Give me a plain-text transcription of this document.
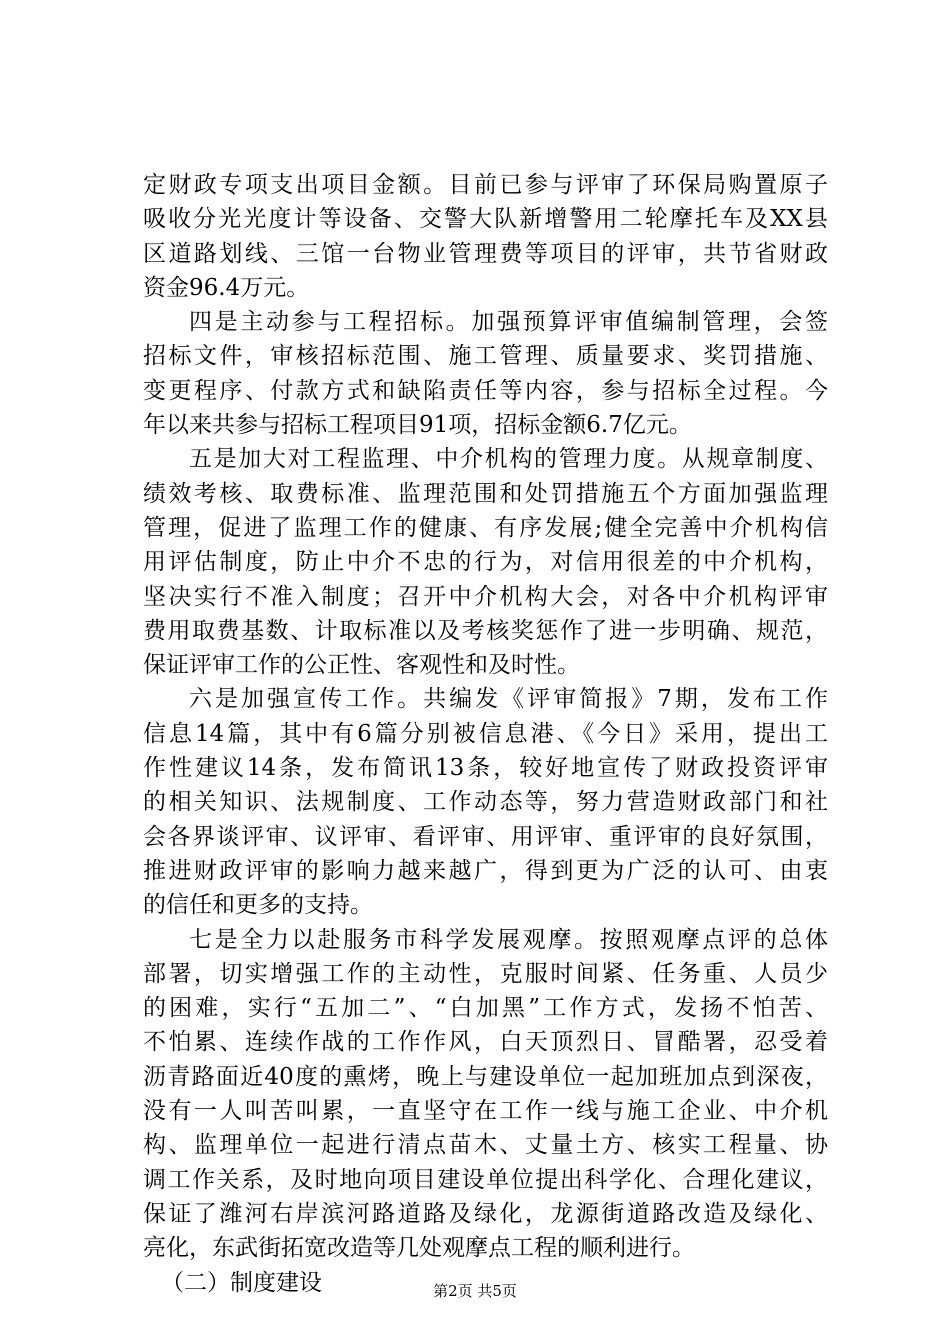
定财政专项支出项目金额。目前已参与评审了环保局购置原子
吸收分光光度计等设备、交警大队新增警用二轮摩托车及XX县
区道路划线、三馆一台物业管理费等项目的评审，共节省财政
资金96.4万元。
四是主动参与工程招标。加强预算评审值编制管理，会签
招标文件，审核招标范围、施工管理、质量要求、奖罚措施、
变更程序、付款方式和缺陷责任等内容，参与招标全过程。今
年以来共参与招标工程项目91项，招标金额6.7亿元。
五是加大对工程监理、中介机构的管理力度。从规章制度、
绩效考核、取费标准、监理范围和处罚措施五个方面加强监理
管理，促进了监理工作的健康、有序发展;健全完善中介机构信
用评估制度，防止中介不忠的行为，对信用很差的中介机构，
坚决实行不准入制度；召开中介机构大会，对各中介机构评审
费用取费基数、计取标准以及考核奖惩作了进一步明确、规范，
保证评审工作的公正性、客观性和及时性。
六是加强宣传工作。共编发《评审简报》7期，发布工作
信息14篇，其中有6篇分别被信息港、《今日》采用，提出工
作性建议14条，发布简讯13条，较好地宣传了财政投资评审
的相关知识、法规制度、工作动态等，努力营造财政部门和社
会各界谈评审、议评审、看评审、用评审、重评审的良好氛围，
推进财政评审的影响力越来越广，得到更为广泛的认可、由衷
的信任和更多的支持。
七是全力以赴服务市科学发展观摩。按照观摩点评的总体
部署，切实增强工作的主动性，克服时间紧、任务重、人员少
的困难，实行“五加二”、“白加黑”工作方式，发扬不怕苦、
不怕累、连续作战的工作作风，白天顶烈日、冒酷署，忍受着
沥青路面近40度的熏烤，晚上与建设单位一起加班加点到深夜，
没有一人叫苦叫累，一直坚守在工作一线与施工企业、中介机
构、监理单位一起进行清点苗木、丈量土方、核实工程量、协
调工作关系，及时地向项目建设单位提出科学化、合理化建议，
保证了潍河右岸滨河路道路及绿化，龙源街道路改造及绿化、
亮化，东武街拓宽改造等几处观摩点工程的顺利进行。
（二）制度建设	第2页 共5页
